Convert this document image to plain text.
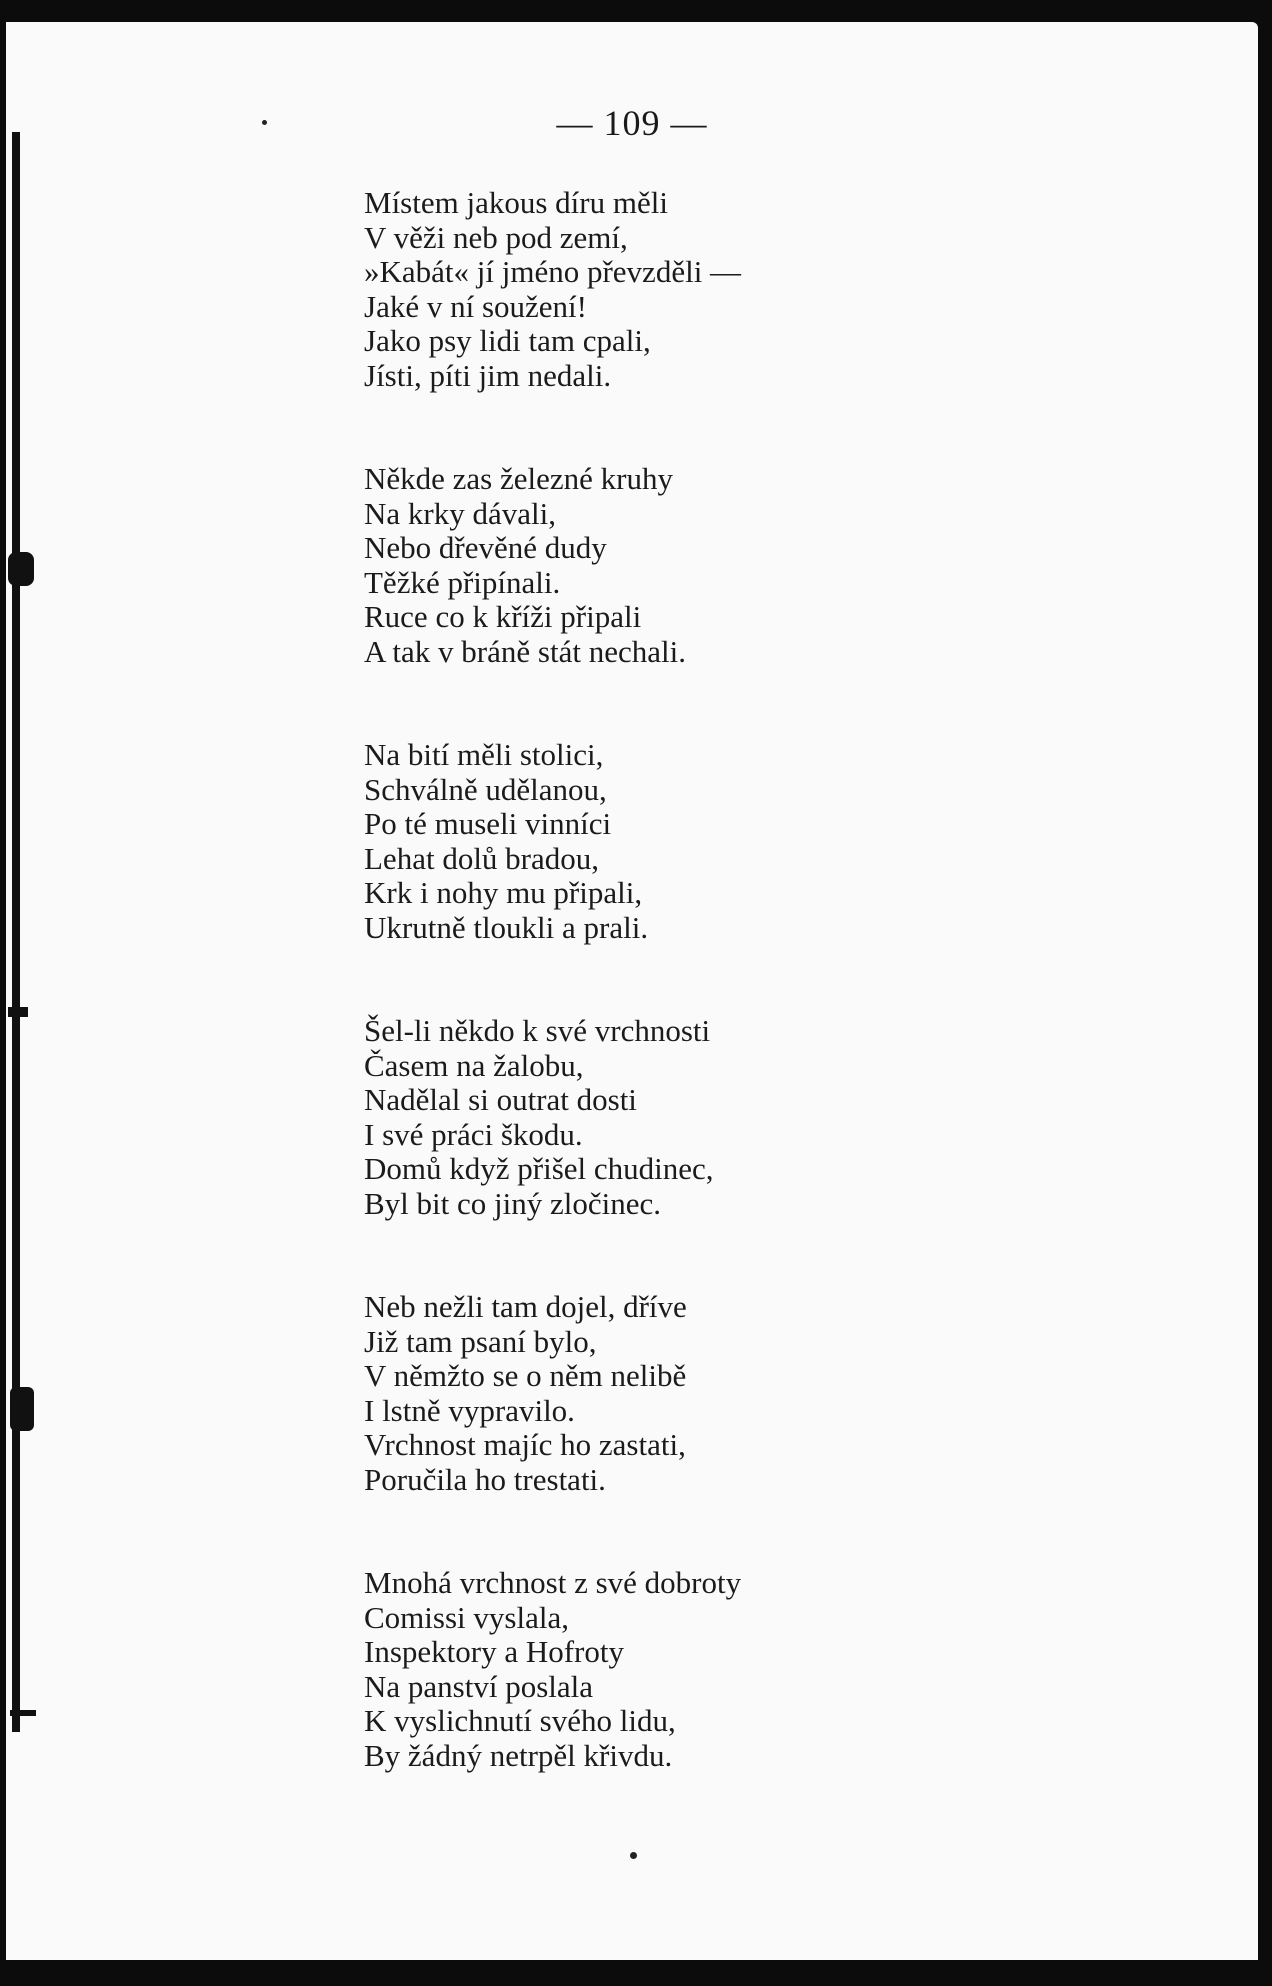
— 109 —
Místem jakous díru měli
V věži neb pod zemí,
»Kabát« jí jméno převzděli —
Jaké v ní soužení!
Jako psy lidi tam cpali,
Jísti, píti jim nedali.
Někde zas železné kruhy
Na krky dávali,
Nebo dřevěné dudy
Těžké připínali.
Ruce co k kříži připali
A tak v bráně stát nechali.
Na bití měli stolici,
Schválně udělanou,
Po té museli vinníci
Lehat dolů bradou,
Krk i nohy mu připali,
Ukrutně tloukli a prali.
Šel-li někdo k své vrchnosti
Časem na žalobu,
Nadělal si outrat dosti
I své práci škodu.
Domů když přišel chudinec,
Byl bit co jiný zločinec.
Neb nežli tam dojel, dříve
Již tam psaní bylo,
V němžto se o něm nelibě
I lstně vypravilo.
Vrchnost majíc ho zastati,
Poručila ho trestati.
Mnohá vrchnost z své dobroty
Comissi vyslala,
Inspektory a Hofroty
Na panství poslala
K vyslichnutí svého lidu,
By žádný netrpěl křivdu.
